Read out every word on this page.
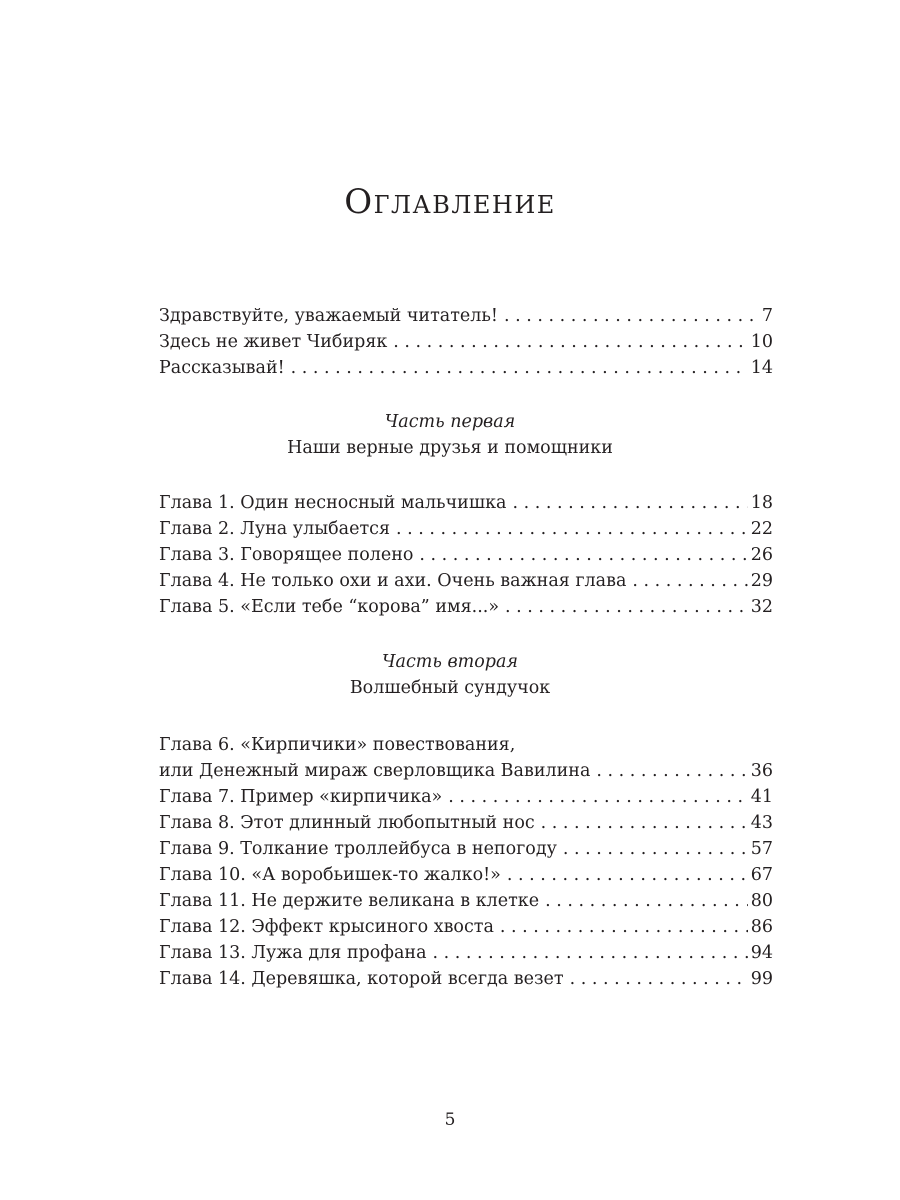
Оглавление
Здравствуйте, уважаемый читатель! . . .	7
Здесь не живет Чибиряк . . .	10
Рассказывай! . . .	14
Часть первая
Наши верные друзья и помощники
Глава 1. Один несносный мальчишка . . .	18
Глава 2. Луна улыбается . . .	22
Глава 3. Говорящее полено . . .	26
Глава 4. Не только охи и ахи. Очень важная глава . . .	29
Глава 5. «Если тебе “корова” имя...» . . .	32
Часть вторая
Волшебный сундучок
Глава 6. «Кирпичики» повествования,
или Денежный мираж сверловщика Вавилина . . .	36
Глава 7. Пример «кирпичика» . . .	41
Глава 8. Этот длинный любопытный нос . . .	43
Глава 9. Толкание троллейбуса в непогоду . . .	57
Глава 10. «А воробьишек-то жалко!» . . .	67
Глава 11. Не держите великана в клетке . . .	80
Глава 12. Эффект крысиного хвоста . . .	86
Глава 13. Лужа для профана . . .	94
Глава 14. Деревяшка, которой всегда везет . . .	99
5
